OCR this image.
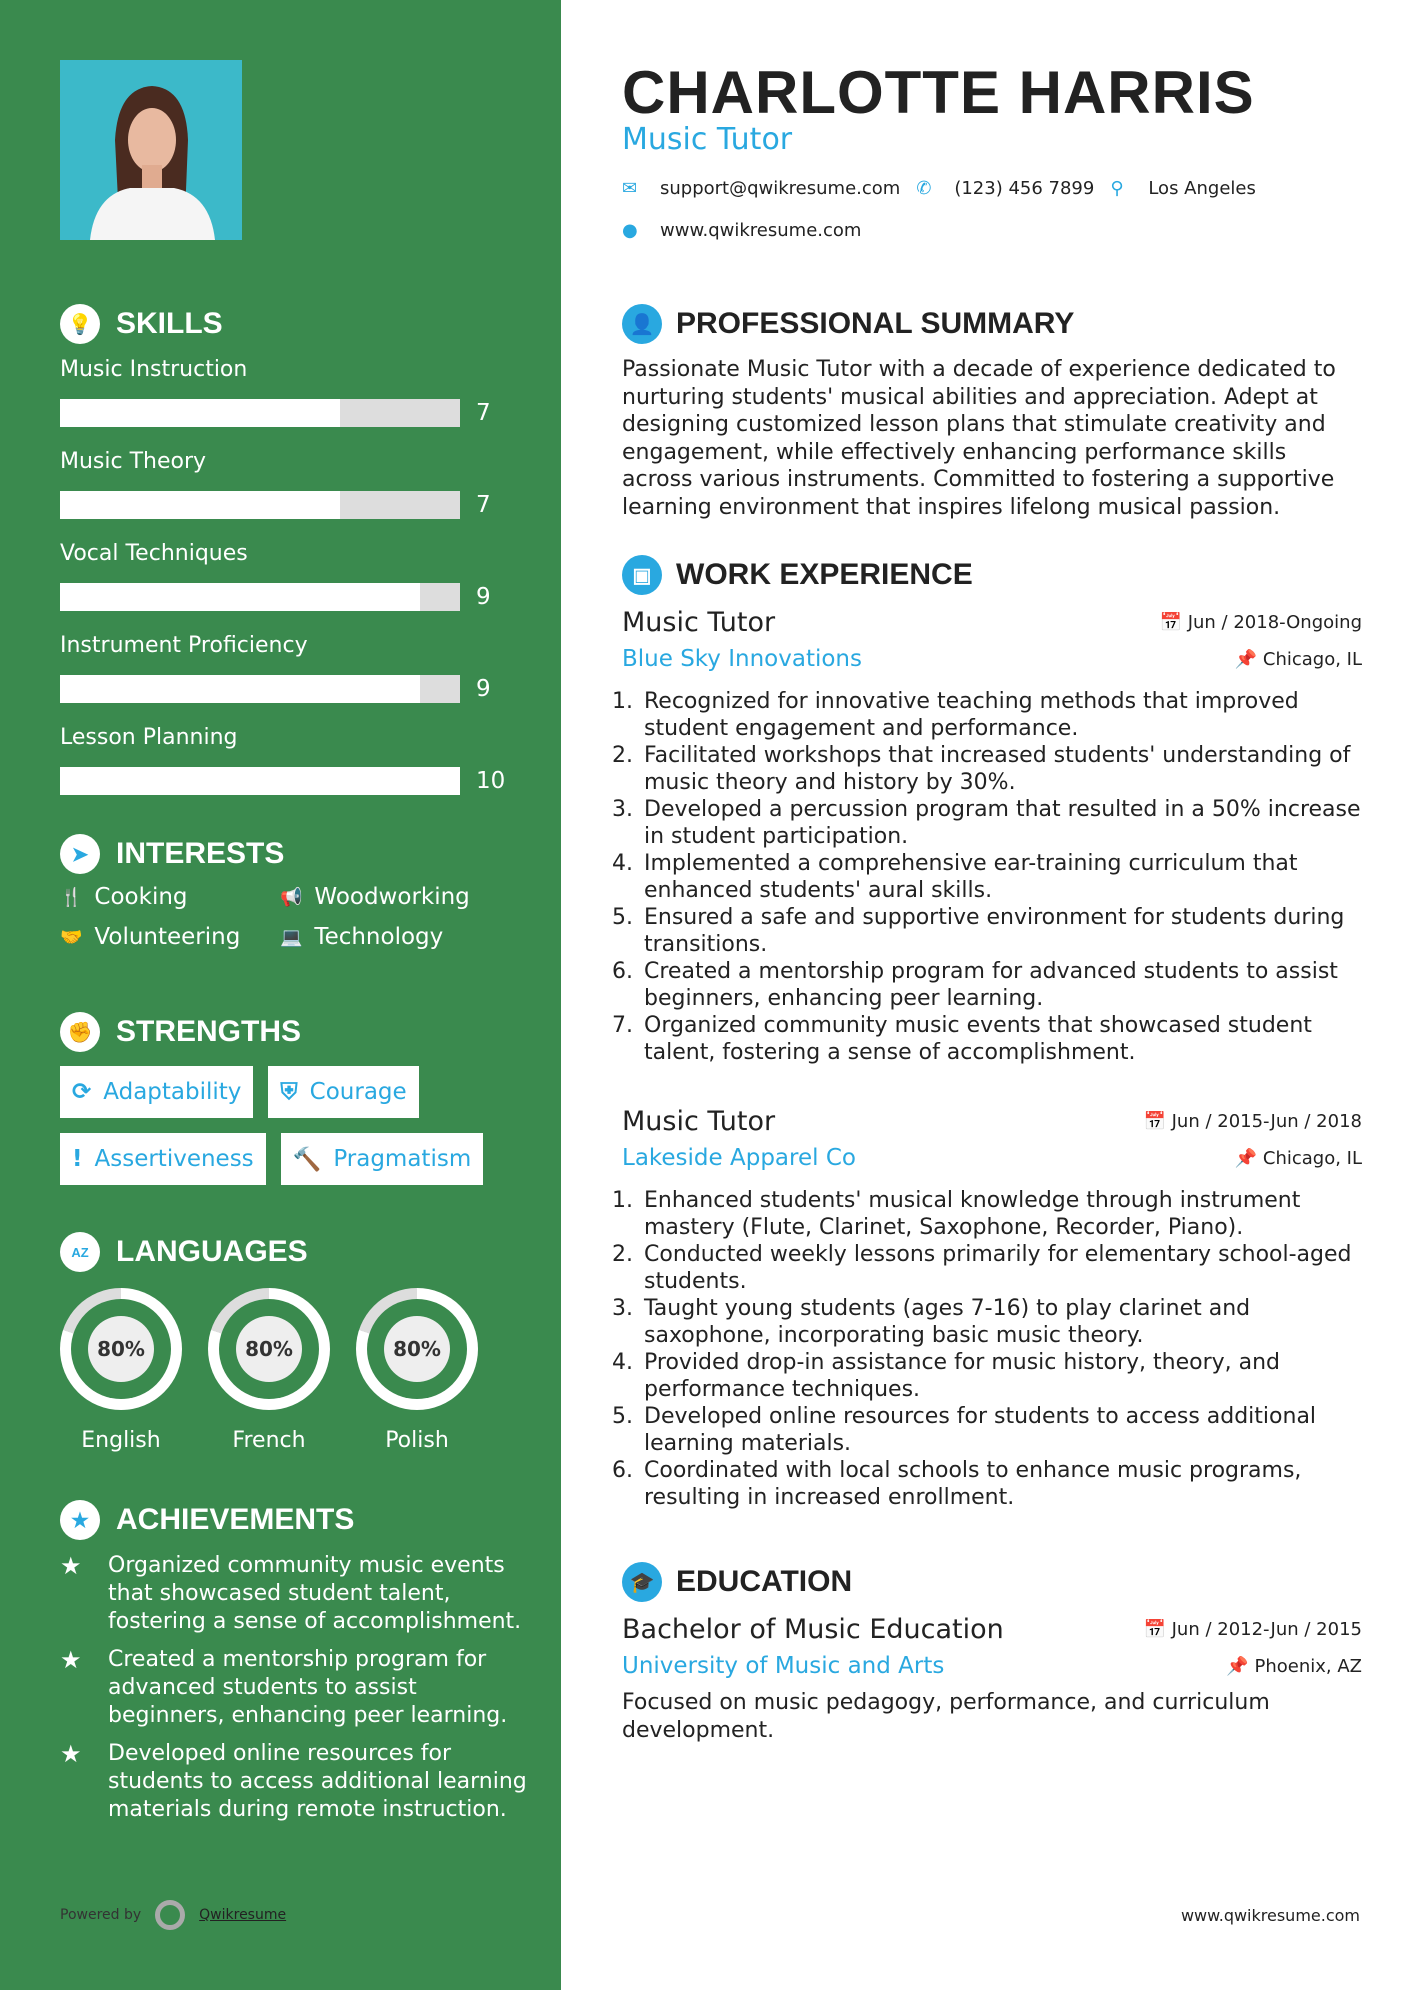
💡 SKILLS
Music Instruction
7
Music Theory
7
Vocal Techniques
9
Instrument Proficiency
9
Lesson Planning
10
➤ INTERESTS
🍴 Cooking	📢 Woodworking
🤝 Volunteering 💻 Technology
✊ STRENGTHS
⟳ Adaptability ⛨ Courage
! Assertiveness 🔨 Pragmatism
AZ LANGUAGES
80%
English
80%
French
80%
Polish
★ ACHIEVEMENTS
★	Organized community music events that showcased student talent, fostering a sense of accomplishment.
★	Created a mentorship program for advanced students to assist beginners, enhancing peer learning.
★	Developed online resources for students to access additional learning materials during remote instruction.
Powered by	Qwikresume
CHARLOTTE HARRIS
Music Tutor
✉	support@qwikresume.com ✆	(123) 456 7899 ⚲	Los Angeles
●	www.qwikresume.com
👤 PROFESSIONAL SUMMARY
Passionate Music Tutor with a decade of experience dedicated to nurturing students' musical abilities and appreciation. Adept at designing customized lesson plans that stimulate creativity and engagement, while effectively enhancing performance skills across various instruments. Committed to fostering a supportive learning environment that inspires lifelong musical passion.
▣ WORK EXPERIENCE
Music Tutor	📅 Jun / 2018-Ongoing
Blue Sky Innovations	📌 Chicago, IL
1. Recognized for innovative teaching methods that improved student engagement and performance.
2. Facilitated workshops that increased students' understanding of music theory and history by 30%.
3. Developed a percussion program that resulted in a 50% increase in student participation.
4. Implemented a comprehensive ear-training curriculum that enhanced students' aural skills.
5. Ensured a safe and supportive environment for students during transitions.
6. Created a mentorship program for advanced students to assist beginners, enhancing peer learning.
7. Organized community music events that showcased student talent, fostering a sense of accomplishment.
Music Tutor	📅 Jun / 2015-Jun / 2018
Lakeside Apparel Co	📌 Chicago, IL
1. Enhanced students' musical knowledge through instrument mastery (Flute, Clarinet, Saxophone, Recorder, Piano).
2. Conducted weekly lessons primarily for elementary school-aged students.
3. Taught young students (ages 7-16) to play clarinet and saxophone, incorporating basic music theory.
4. Provided drop-in assistance for music history, theory, and performance techniques.
5. Developed online resources for students to access additional learning materials.
6. Coordinated with local schools to enhance music programs, resulting in increased enrollment.
🎓 EDUCATION
Bachelor of Music Education	📅 Jun / 2012-Jun / 2015
University of Music and Arts	📌 Phoenix, AZ
Focused on music pedagogy, performance, and curriculum development.
www.qwikresume.com
